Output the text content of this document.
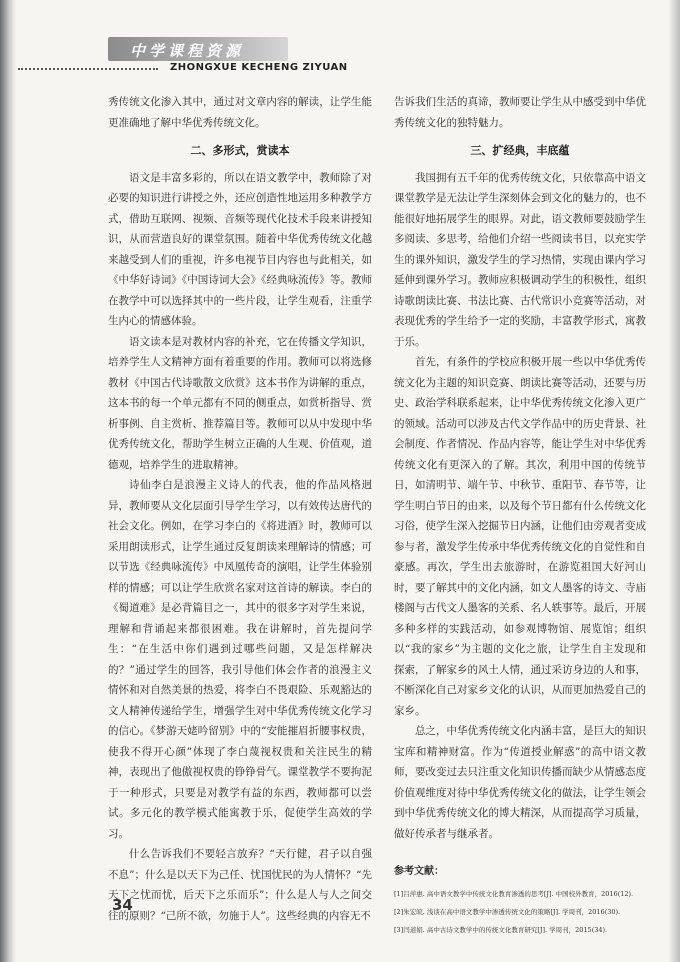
中学课程资源
ZHONGXUE KECHENG ZIYUAN

秀传统文化渗入其中，通过对文章内容的解读，让学生能更准确地了解中华优秀传统文化。

二、多形式，赏读本

语文是丰富多彩的，所以在语文教学中，教师除了对必要的知识进行讲授之外，还应创造性地运用多种教学方式，借助互联网、视频、音频等现代化技术手段来讲授知识，从而营造良好的课堂氛围。随着中华优秀传统文化越来越受到人们的重视，许多电视节目内容也与此相关，如《中华好诗词》《中国诗词大会》《经典咏流传》等。教师在教学中可以选择其中的一些片段，让学生观看，注重学生内心的情感体验。

语文读本是对教材内容的补充，它在传播文学知识，培养学生人文精神方面有着重要的作用。教师可以将选修教材《中国古代诗歌散文欣赏》这本书作为讲解的重点，这本书的每一个单元都有不同的侧重点，如赏析指导、赏析事例、自主赏析、推荐篇目等。教师可以从中发现中华优秀传统文化，帮助学生树立正确的人生观、价值观，道德观，培养学生的进取精神。

诗仙李白是浪漫主义诗人的代表，他的作品风格迥异，教师要从文化层面引导学生学习，以有效传达唐代的社会文化。例如，在学习李白的《将进酒》时，教师可以采用朗读形式，让学生通过反复朗读来理解诗的情感；可以节选《经典咏流传》中凤凰传奇的演唱，让学生体验别样的情感；可以让学生欣赏名家对这首诗的解读。李白的《蜀道难》是必背篇目之一，其中的很多字对学生来说，理解和背诵起来都很困难。我在讲解时，首先提问学生：“在生活中你们遇到过哪些问题，又是怎样解决的？”通过学生的回答，我引导他们体会作者的浪漫主义情怀和对自然美景的热爱，将李白不畏艰险、乐观豁达的文人精神传递给学生，增强学生对中华优秀传统文化学习的信心。《梦游天姥吟留别》中的“安能摧眉折腰事权贵，使我不得开心颜”体现了李白蔑视权贵和关注民生的精神，表现出了他傲视权贵的铮铮骨气。课堂教学不要拘泥于一种形式，只要是对教学有益的东西，教师都可以尝试。多元化的教学模式能寓教于乐，促使学生高效的学习。

什么告诉我们不要轻言放弃？“天行健，君子以自强不息”；什么是以天下为己任、忧国忧民的为人情怀？“先天下之忧而忧，后天下之乐而乐”；什么是人与人之间交往的原则？“己所不欲，勿施于人”。这些经典的内容无不

告诉我们生活的真谛，教师要让学生从中感受到中华优秀传统文化的独特魅力。

三、扩经典，丰底蕴

我国拥有五千年的优秀传统文化，只依靠高中语文课堂教学是无法让学生深刻体会到文化的魅力的，也不能很好地拓展学生的眼界。对此，语文教师要鼓励学生多阅读、多思考，给他们介绍一些阅读书目，以充实学生的课外知识，激发学生的学习热情，实现由课内学习延伸到课外学习。教师应积极调动学生的积极性，组织诗歌朗读比赛、书法比赛、古代常识小竞赛等活动，对表现优秀的学生给予一定的奖励，丰富教学形式，寓教于乐。

首先，有条件的学校应积极开展一些以中华优秀传统文化为主题的知识竞赛、朗读比赛等活动，还要与历史、政治学科联系起来，让中华优秀传统文化渗入更广的领域。活动可以涉及古代文学作品中的历史背景、社会制度、作者情况、作品内容等，能让学生对中华优秀传统文化有更深入的了解。其次，利用中国的传统节日，如清明节、端午节、中秋节、重阳节、春节等，让学生明白节日的由来，以及每个节日都有什么传统文化习俗，使学生深入挖掘节日内涵，让他们由旁观者变成参与者，激发学生传承中华优秀传统文化的自觉性和自豪感。再次，学生出去旅游时，在游览祖国大好河山时，要了解其中的文化内涵，如文人墨客的诗文、寺庙楼阁与古代文人墨客的关系、名人轶事等。最后，开展多种多样的实践活动，如参观博物馆、展览馆；组织以“我的家乡”为主题的文化之旅，让学生自主发现和探索，了解家乡的风土人情，通过采访身边的人和事，不断深化自己对家乡文化的认识，从而更加热爱自己的家乡。

总之，中华优秀传统文化内涵丰富，是巨大的知识宝库和精神财富。作为“传道授业解惑”的高中语文教师，要改变过去只注重文化知识传播而缺少从情感态度价值观维度对待中华优秀传统文化的做法，让学生领会到中华优秀传统文化的博大精深，从而提高学习质量，做好传承者与继承者。

参考文献：
[1]吕萍惠. 高中语文教学中传统文化教育渗透的思考[J]. 中国校外教育，2016(12).
[2]朱宏皖. 浅谈在高中语文教学中渗透传统文化的策略[J]. 学周刊，2016(30).
[3]闫道娟. 高中古诗文教学中的传统文化教育研究[J]. 学周刊，2015(34).
34
